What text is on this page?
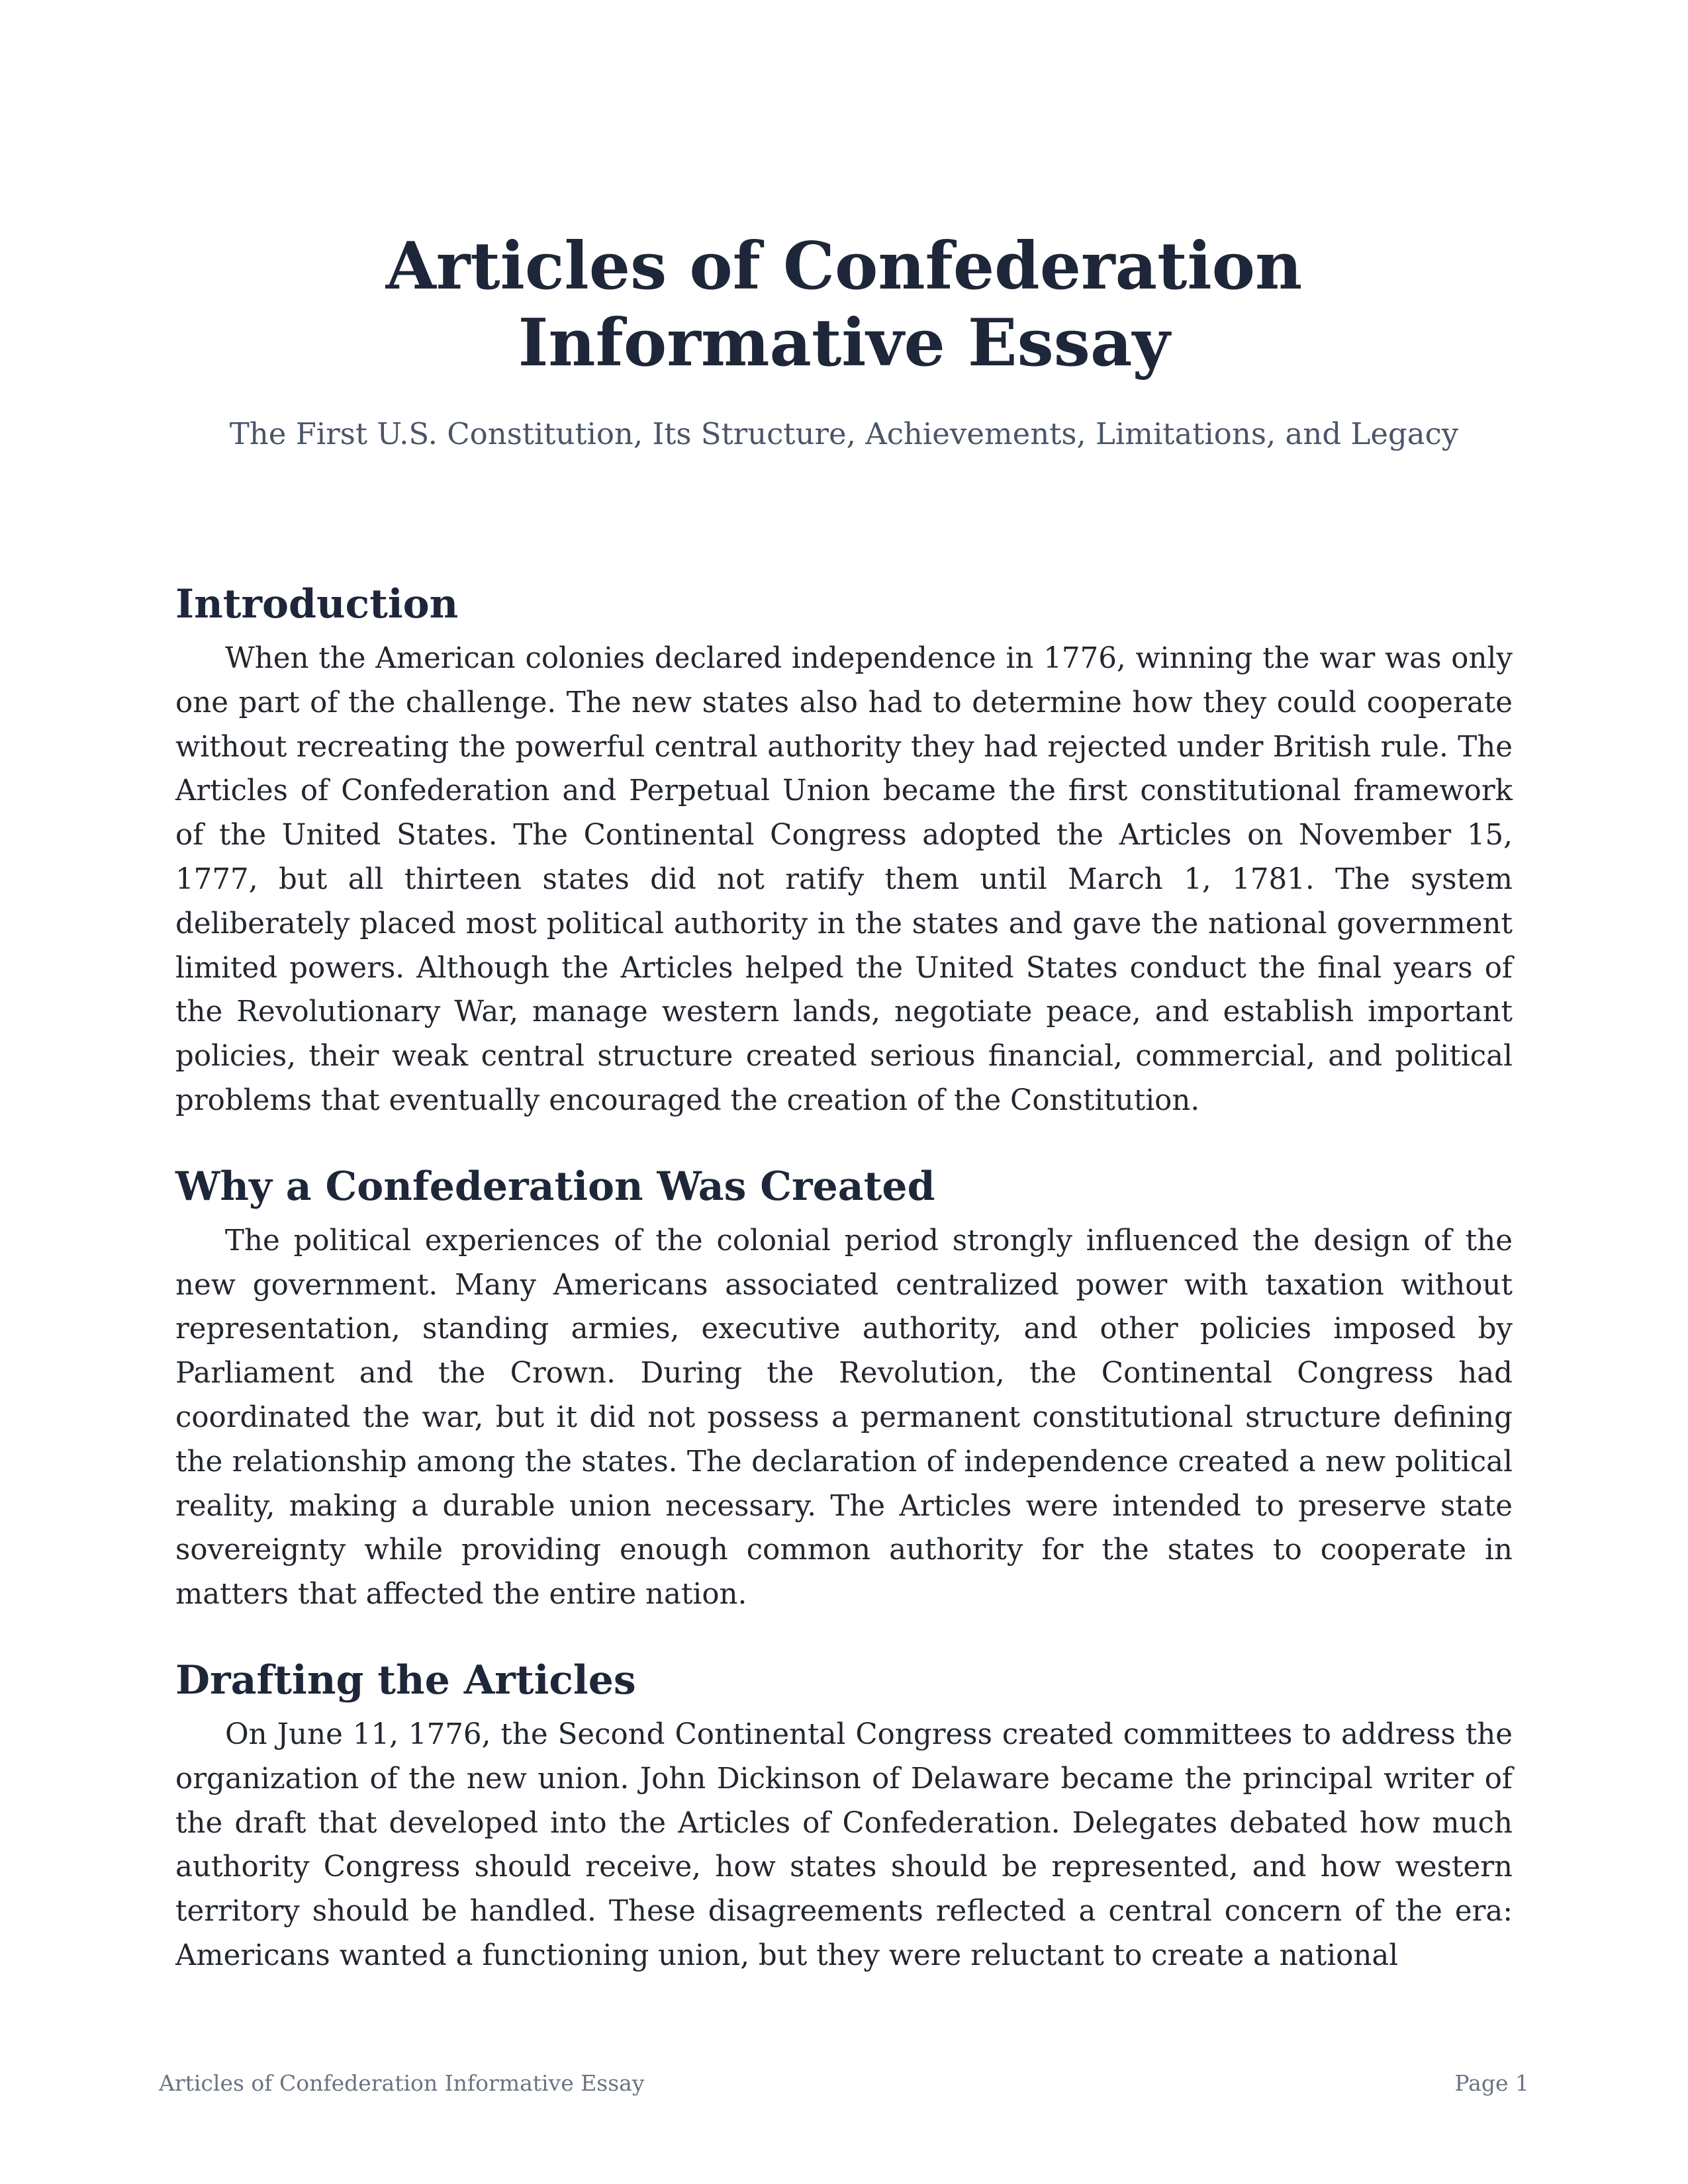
Articles of Confederation Informative Essay

The First U.S. Constitution, Its Structure, Achievements, Limitations, and Legacy

Introduction

When the American colonies declared independence in 1776, winning the war was only one part of the challenge. The new states also had to determine how they could cooperate without recreating the powerful central authority they had rejected under British rule. The Articles of Confederation and Perpetual Union became the first constitutional framework of the United States. The Continental Congress adopted the Articles on November 15, 1777, but all thirteen states did not ratify them until March 1, 1781. The system deliberately placed most political authority in the states and gave the national government limited powers. Although the Articles helped the United States conduct the final years of the Revolutionary War, manage western lands, negotiate peace, and establish important policies, their weak central structure created serious financial, commercial, and political problems that eventually encouraged the creation of the Constitution.

Why a Confederation Was Created

The political experiences of the colonial period strongly influenced the design of the new government. Many Americans associated centralized power with taxation without representation, standing armies, executive authority, and other policies imposed by Parliament and the Crown. During the Revolution, the Continental Congress had coordinated the war, but it did not possess a permanent constitutional structure defining the relationship among the states. The declaration of independence created a new political reality, making a durable union necessary. The Articles were intended to preserve state sovereignty while providing enough common authority for the states to cooperate in matters that affected the entire nation.

Drafting the Articles

On June 11, 1776, the Second Continental Congress created committees to address the organization of the new union. John Dickinson of Delaware became the principal writer of the draft that developed into the Articles of Confederation. Delegates debated how much authority Congress should receive, how states should be represented, and how western territory should be handled. These disagreements reflected a central concern of the era: Americans wanted a functioning union, but they were reluctant to create a national

Articles of Confederation Informative Essay	Page 1
